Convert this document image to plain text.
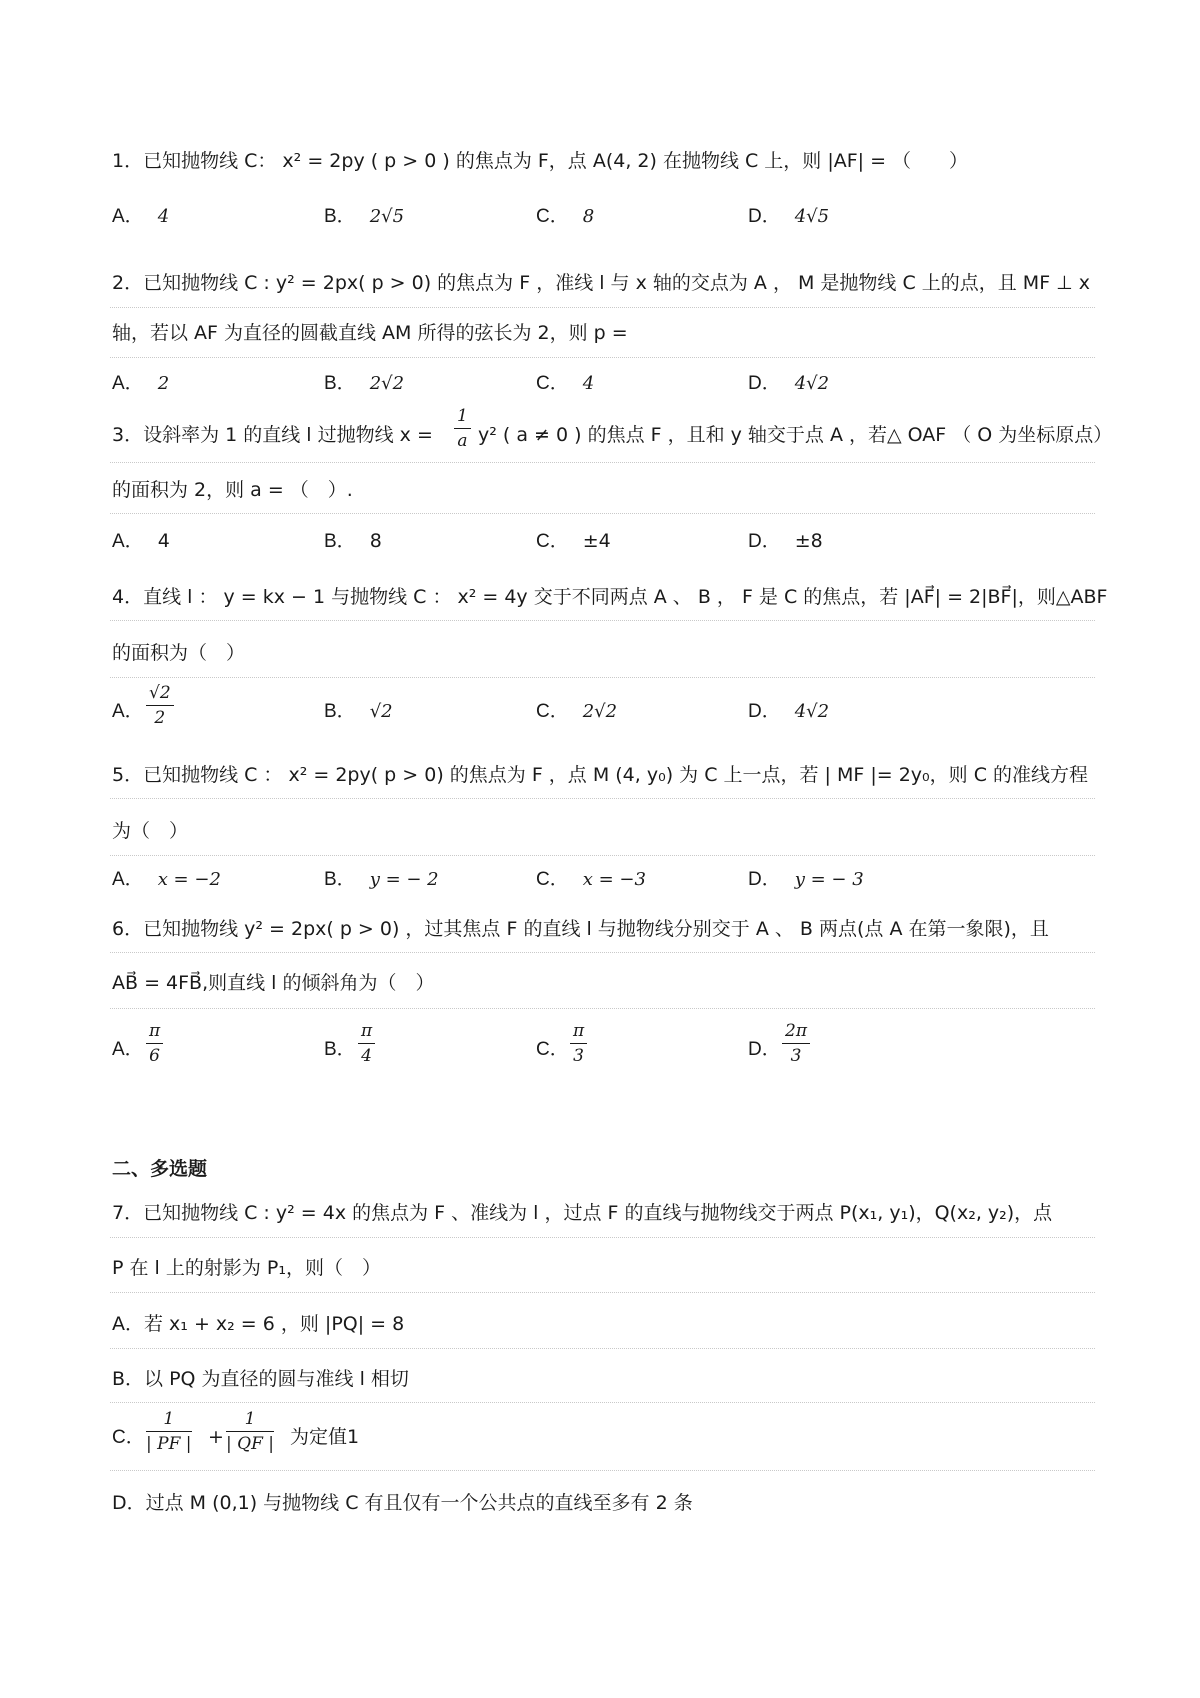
1．已知抛物线 C： x² = 2py ( p > 0 ) 的焦点为 F，点 A(4, 2) 在抛物线 C 上，则 |AF| = （　　）
A． 4	B． 2√5	C． 8	D． 4√5
2．已知抛物线 C : y² = 2px( p > 0) 的焦点为 F ，准线 l 与 x 轴的交点为 A ， M 是抛物线 C 上的点，且 MF ⊥ x
轴，若以 AF 为直径的圆截直线 AM 所得的弦长为 2，则 p =
A． 2	B． 2√2	C． 4	D． 4√2
3．设斜率为 1 的直线 l 过抛物线 $x = \frac{1}{a} y^2$ ( a ≠ 0 ) 的焦点 F ，且和 y 轴交于点 A ，若△ OAF （ O 为坐标原点）
的面积为 2，则 a = （　）.
A． 4	B． 8	C． ±4	D． ±8
4．直线 l ： y = kx − 1 与抛物线 C ： x² = 4y 交于不同两点 A 、 B ， F 是 C 的焦点，若 |AF⃗| = 2|BF⃗|，则△ABF
的面积为（　）
A． $\frac{√2}{2}$	B． √2	C． 2√2	D． 4√2
5．已知抛物线 C ： x² = 2py( p > 0) 的焦点为 F ，点 M (4, y₀) 为 C 上一点，若 | MF |= 2y₀，则 C 的准线方程
为（　）
A． x = −2	B． y = − 2	C． x = −3	D． y = − 3
6．已知抛物线 y² = 2px( p > 0) ，过其焦点 F 的直线 l 与抛物线分别交于 A 、 B 两点(点 A 在第一象限)，且
AB⃗ = 4FB⃗,则直线 l 的倾斜角为（　）
A． $\frac{\pi}{6}$	B． $\frac{\pi}{4}$	C． $\frac{\pi}{3}$	D． $\frac{2\pi}{3}$
二、多选题
7．已知抛物线 C : y² = 4x 的焦点为 F 、准线为 l ，过点 F 的直线与抛物线交于两点 P(x₁, y₁)，Q(x₂, y₂)，点
P 在 l 上的射影为 P₁，则（　）
A．若 x₁ + x₂ = 6 ，则 |PQ| = 8
B．以 PQ 为直径的圆与准线 l 相切
C． $\frac{1}{| PF |} + \frac{1}{| QF |}$ 为定值1
D．过点 M (0,1) 与抛物线 C 有且仅有一个公共点的直线至多有 2 条
